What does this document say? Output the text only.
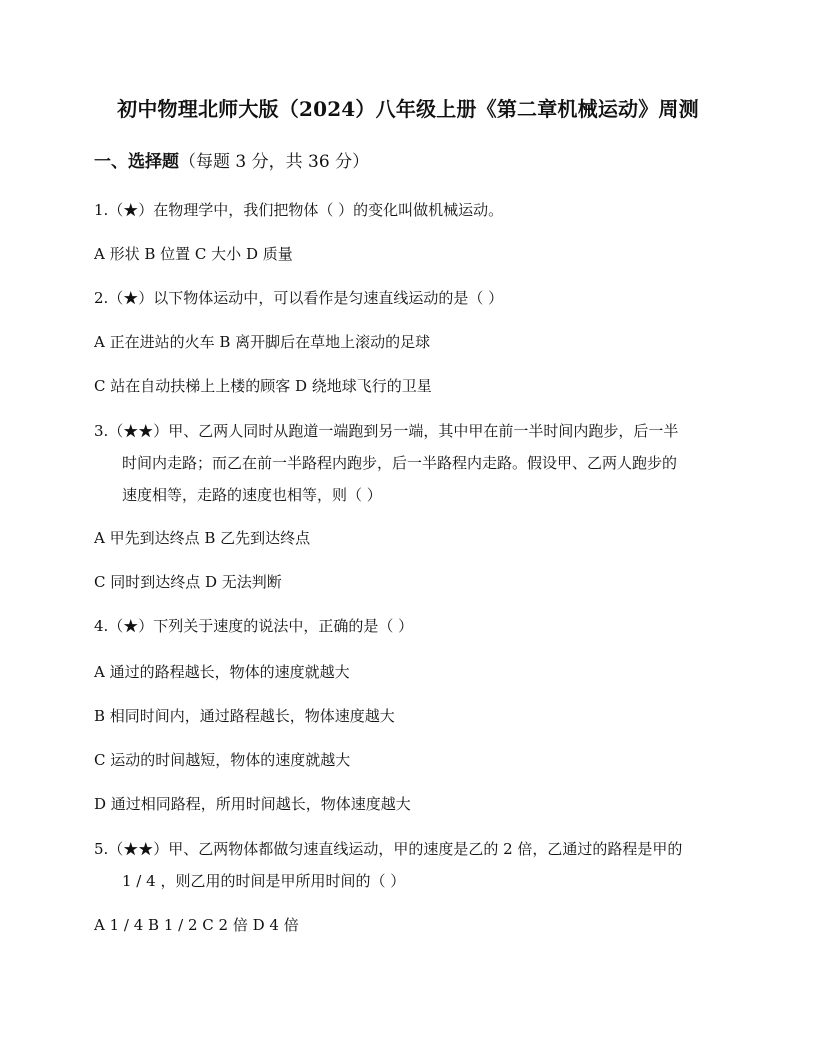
初中物理北师大版（2024）八年级上册《第二章机械运动》周测
一、选择题（每题 3 分，共 36 分）
1.（★）在物理学中，我们把物体（ ）的变化叫做机械运动。
A 形状 B 位置 C 大小 D 质量
2.（★）以下物体运动中，可以看作是匀速直线运动的是（ ）
A 正在进站的火车 B 离开脚后在草地上滚动的足球
C 站在自动扶梯上上楼的顾客 D 绕地球飞行的卫星
3.（★★）甲、乙两人同时从跑道一端跑到另一端，其中甲在前一半时间内跑步，后一半
时间内走路；而乙在前一半路程内跑步，后一半路程内走路。假设甲、乙两人跑步的
速度相等，走路的速度也相等，则（ ）
A 甲先到达终点 B 乙先到达终点
C 同时到达终点 D 无法判断
4.（★）下列关于速度的说法中，正确的是（ ）
A 通过的路程越长，物体的速度就越大
B 相同时间内，通过路程越长，物体速度越大
C 运动的时间越短，物体的速度就越大
D 通过相同路程，所用时间越长，物体速度越大
5.（★★）甲、乙两物体都做匀速直线运动，甲的速度是乙的 2 倍，乙通过的路程是甲的
1 / 4 ，则乙用的时间是甲所用时间的（ ）
A 1 / 4 B 1 / 2 C 2 倍 D 4 倍
